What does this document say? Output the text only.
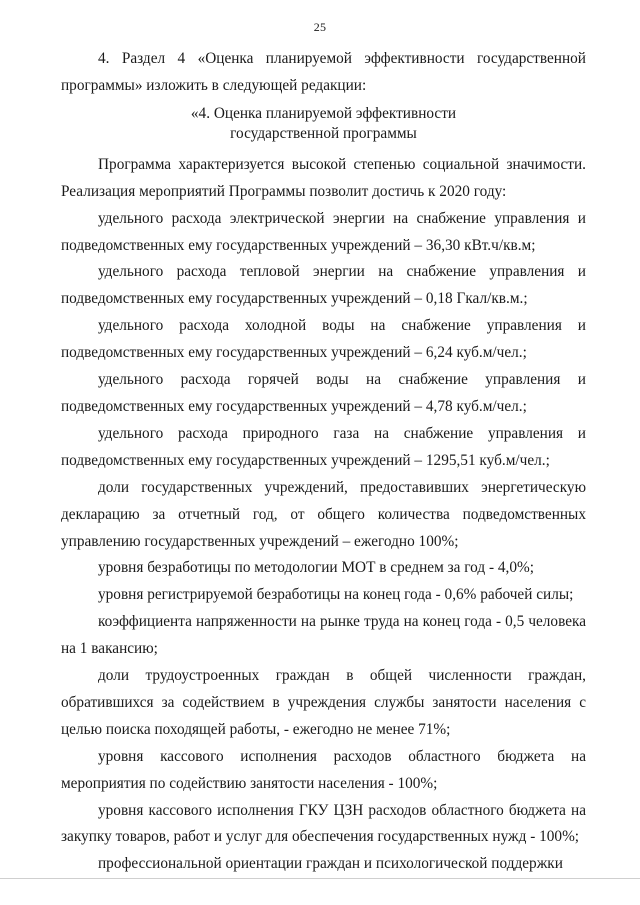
25

4. Раздел 4 «Оценка планируемой эффективности государственной программы» изложить в следующей редакции:

«4. Оценка планируемой эффективности
государственной программы

Программа характеризуется высокой степенью социальной значимости. Реализация мероприятий Программы позволит достичь к 2020 году:

удельного расхода электрической энергии на снабжение управления и подведомственных ему государственных учреждений – 36,30 кВт.ч/кв.м;

удельного расхода тепловой энергии на снабжение управления и подведомственных ему государственных учреждений – 0,18 Гкал/кв.м.;

удельного расхода холодной воды на снабжение управления и подведомственных ему государственных учреждений – 6,24 куб.м/чел.;

удельного расхода горячей воды на снабжение управления и подведомственных ему государственных учреждений – 4,78 куб.м/чел.;

удельного расхода природного газа на снабжение управления и подведомственных ему государственных учреждений – 1295,51 куб.м/чел.;

доли государственных учреждений, предоставивших энергетическую декларацию за отчетный год, от общего количества подведомственных управлению государственных учреждений – ежегодно 100%;

уровня безработицы по методологии МОТ в среднем за год - 4,0%;

уровня регистрируемой безработицы на конец года - 0,6% рабочей силы;

коэффициента напряженности на рынке труда на конец года - 0,5 человека на 1 вакансию;

доли трудоустроенных граждан в общей численности граждан, обратившихся за содействием в учреждения службы занятости населения с целью поиска походящей работы, - ежегодно не менее 71%;

уровня кассового исполнения расходов областного бюджета на мероприятия по содействию занятости населения - 100%;

уровня кассового исполнения ГКУ ЦЗН расходов областного бюджета на закупку товаров, работ и услуг для обеспечения государственных нужд - 100%;

профессиональной ориентации граждан и психологической поддержки
